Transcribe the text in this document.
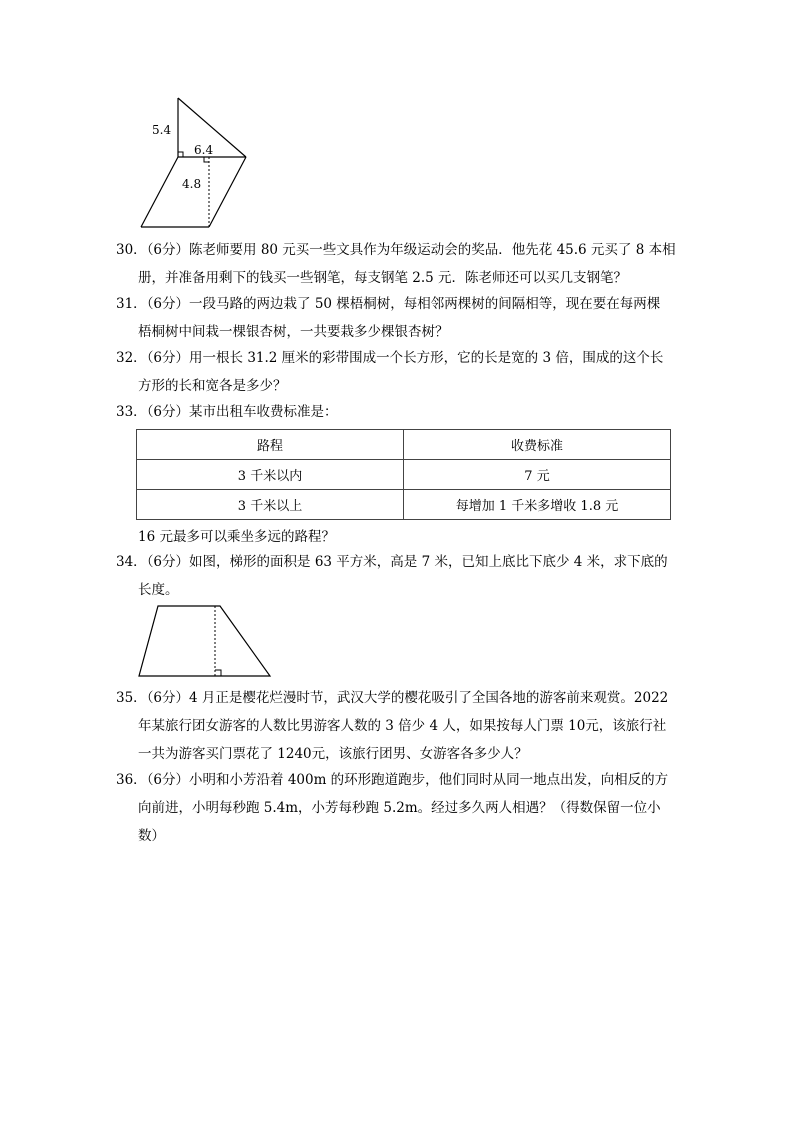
5.4
6.4
4.8
30．（6分）陈老师要用 80 元买一些文具作为年级运动会的奖品．他先花 45.6 元买了 8 本相
册，并准备用剩下的钱买一些钢笔，每支钢笔 2.5 元．陈老师还可以买几支钢笔？
31．（6分）一段马路的两边栽了 50 棵梧桐树，每相邻两棵树的间隔相等，现在要在每两棵
梧桐树中间栽一棵银杏树，一共要栽多少棵银杏树？
32．（6分）用一根长 31.2 厘米的彩带围成一个长方形，它的长是宽的 3 倍，围成的这个长
方形的长和宽各是多少？
33．（6分）某市出租车收费标准是：
路程	收费标准
3 千米以内	7 元
3 千米以上	每增加 1 千米多增收 1.8 元
16 元最多可以乘坐多远的路程？
34．（6分）如图，梯形的面积是 63 平方米，高是 7 米，已知上底比下底少 4 米，求下底的
长度。
35．（6分）4 月正是樱花烂漫时节，武汉大学的樱花吸引了全国各地的游客前来观赏。2022
年某旅行团女游客的人数比男游客人数的 3 倍少 4 人，如果按每人门票 10元，该旅行社
一共为游客买门票花了 1240元，该旅行团男、女游客各多少人？
36．（6分）小明和小芳沿着 400m 的环形跑道跑步，他们同时从同一地点出发，向相反的方
向前进，小明每秒跑 5.4m，小芳每秒跑 5.2m。经过多久两人相遇？（得数保留一位小数）
